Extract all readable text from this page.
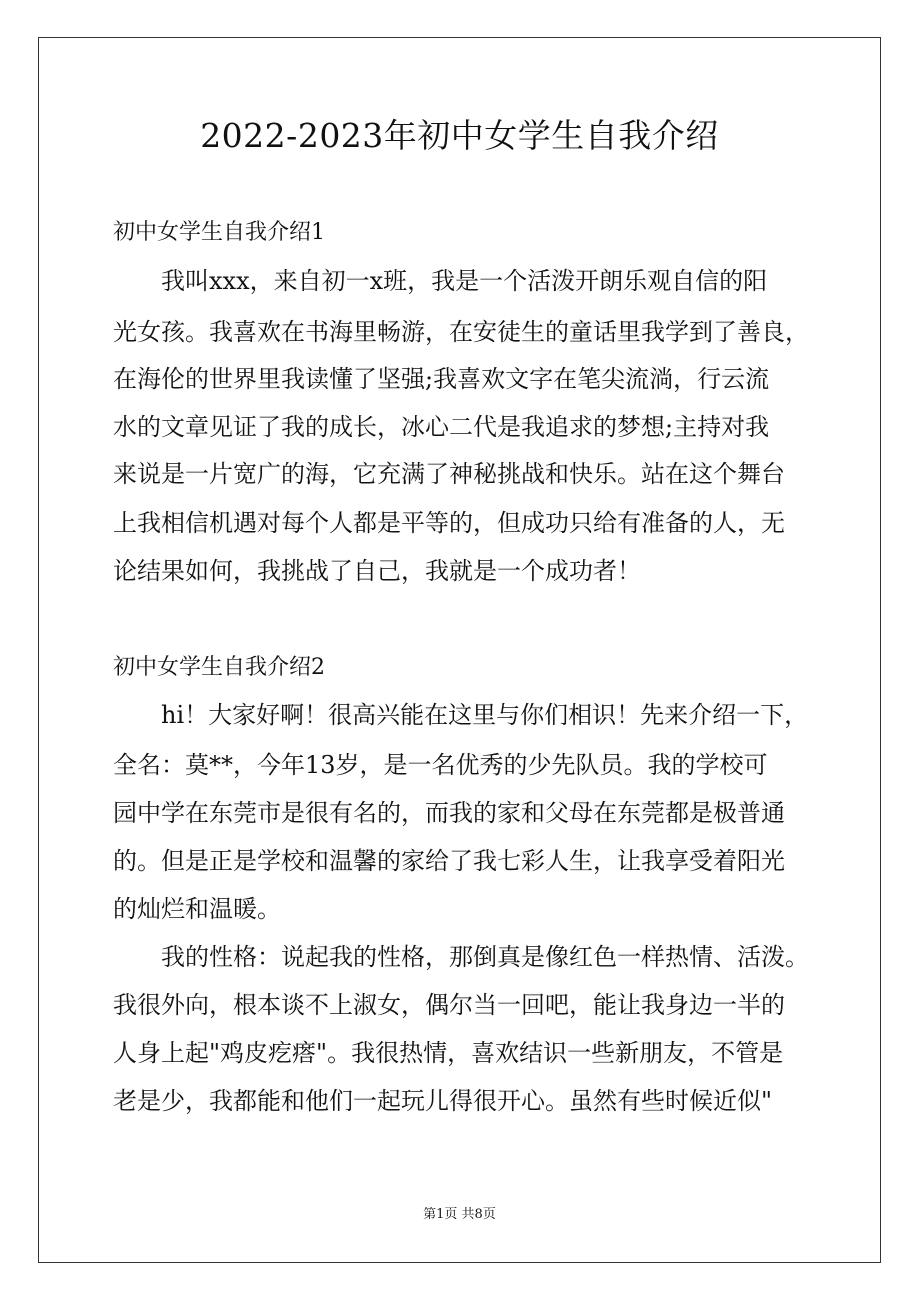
2022-2023年初中女学生自我介绍
初中女学生自我介绍1
我叫xxx，来自初一x班，我是一个活泼开朗乐观自信的阳
光女孩。我喜欢在书海里畅游，在安徒生的童话里我学到了善良，
在海伦的世界里我读懂了坚强;我喜欢文字在笔尖流淌，行云流
水的文章见证了我的成长，冰心二代是我追求的梦想;主持对我
来说是一片宽广的海，它充满了神秘挑战和快乐。站在这个舞台
上我相信机遇对每个人都是平等的，但成功只给有准备的人，无
论结果如何，我挑战了自己，我就是一个成功者！
初中女学生自我介绍2
hi！大家好啊！很高兴能在这里与你们相识！先来介绍一下，
全名：莫**，今年13岁，是一名优秀的少先队员。我的学校可
园中学在东莞市是很有名的，而我的家和父母在东莞都是极普通
的。但是正是学校和温馨的家给了我七彩人生，让我享受着阳光
的灿烂和温暖。
我的性格：说起我的性格，那倒真是像红色一样热情、活泼。
我很外向，根本谈不上淑女，偶尔当一回吧，能让我身边一半的
人身上起"鸡皮疙瘩"。我很热情，喜欢结识一些新朋友，不管是
老是少，我都能和他们一起玩儿得很开心。虽然有些时候近似"
第1页 共8页
